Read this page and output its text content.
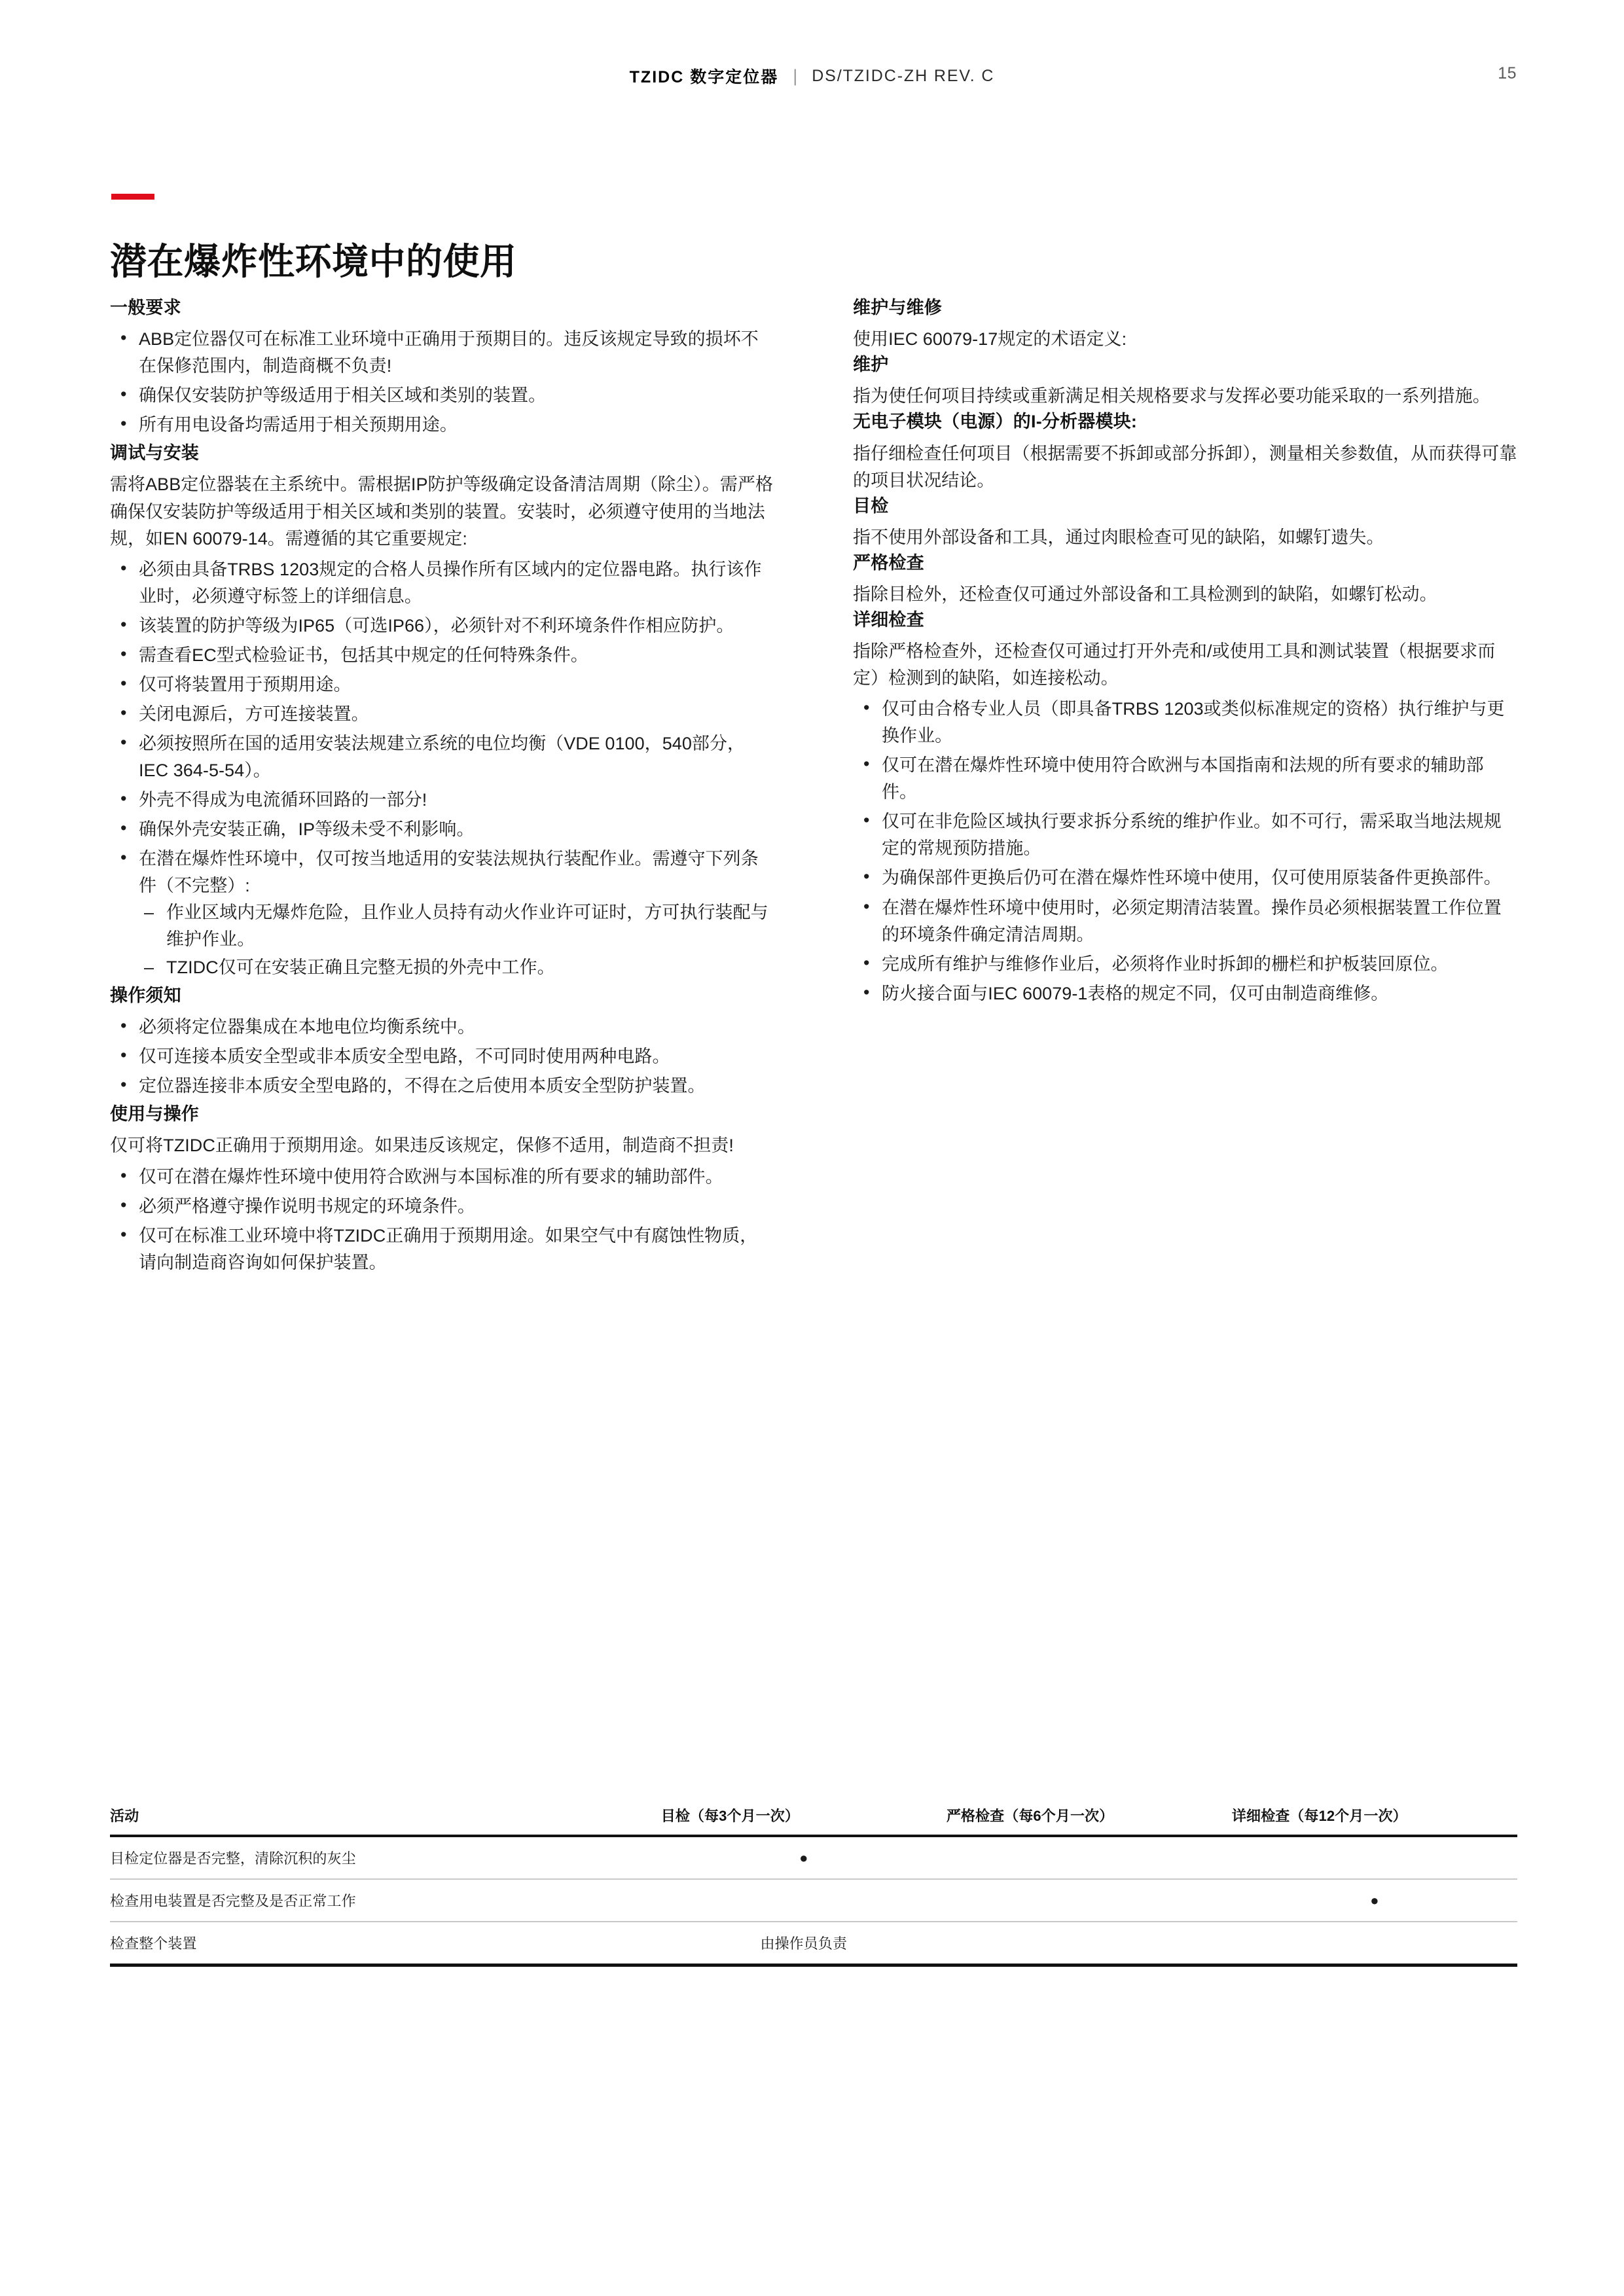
TZIDC 数字定位器 | DS/TZIDC-ZH REV. C	15
潜在爆炸性环境中的使用
一般要求
• ABB定位器仅可在标准工业环境中正确用于预期目的。违反该规定导致的损坏不在保修范围内，制造商概不负责!
• 确保仅安装防护等级适用于相关区域和类别的装置。
• 所有用电设备均需适用于相关预期用途。
调试与安装

需将ABB定位器装在主系统中。需根据IP防护等级确定设备清洁周期（除尘）。需严格确保仅安装防护等级适用于相关区域和类别的装置。安装时，必须遵守使用的当地法规，如EN 60079-14。需遵循的其它重要规定:

• 必须由具备TRBS 1203规定的合格人员操作所有区域内的定位器电路。执行该作业时，必须遵守标签上的详细信息。
• 该装置的防护等级为IP65（可选IP66），必须针对不利环境条件作相应防护。
• 需查看EC型式检验证书，包括其中规定的任何特殊条件。
• 仅可将装置用于预期用途。
• 关闭电源后，方可连接装置。
• 必须按照所在国的适用安装法规建立系统的电位均衡（VDE 0100，540部分，IEC 364-5-54）。
• 外壳不得成为电流循环回路的一部分!
• 确保外壳安装正确，IP等级未受不利影响。
• 在潜在爆炸性环境中，仅可按当地适用的安装法规执行装配作业。需遵守下列条件（不完整）:
– 作业区域内无爆炸危险，且作业人员持有动火作业许可证时，方可执行装配与维护作业。
– TZIDC仅可在安装正确且完整无损的外壳中工作。
操作须知
• 必须将定位器集成在本地电位均衡系统中。
• 仅可连接本质安全型或非本质安全型电路，不可同时使用两种电路。
• 定位器连接非本质安全型电路的，不得在之后使用本质安全型防护装置。
使用与操作

仅可将TZIDC正确用于预期用途。如果违反该规定，保修不适用，制造商不担责!

• 仅可在潜在爆炸性环境中使用符合欧洲与本国标准的所有要求的辅助部件。
• 必须严格遵守操作说明书规定的环境条件。
• 仅可在标准工业环境中将TZIDC正确用于预期用途。如果空气中有腐蚀性物质，请向制造商咨询如何保护装置。
维护与维修

使用IEC 60079-17规定的术语定义:

维护

指为使任何项目持续或重新满足相关规格要求与发挥必要功能采取的一系列措施。

无电子模块（电源）的I-分析器模块:

指仔细检查任何项目（根据需要不拆卸或部分拆卸），测量相关参数值，从而获得可靠的项目状况结论。

目检

指不使用外部设备和工具，通过肉眼检查可见的缺陷，如螺钉遗失。

严格检查

指除目检外，还检查仅可通过外部设备和工具检测到的缺陷，如螺钉松动。

详细检查

指除严格检查外，还检查仅可通过打开外壳和/或使用工具和测试装置（根据要求而定）检测到的缺陷，如连接松动。

• 仅可由合格专业人员（即具备TRBS 1203或类似标准规定的资格）执行维护与更换作业。
• 仅可在潜在爆炸性环境中使用符合欧洲与本国指南和法规的所有要求的辅助部件。
• 仅可在非危险区域执行要求拆分系统的维护作业。如不可行，需采取当地法规规定的常规预防措施。
• 为确保部件更换后仍可在潜在爆炸性环境中使用，仅可使用原装备件更换部件。
• 在潜在爆炸性环境中使用时，必须定期清洁装置。操作员必须根据装置工作位置的环境条件确定清洁周期。
• 完成所有维护与维修作业后，必须将作业时拆卸的栅栏和护板装回原位。
• 防火接合面与IEC 60079-1表格的规定不同，仅可由制造商维修。
活动	目检（每3个月一次）	严格检查（每6个月一次）	详细检查（每12个月一次）
目检定位器是否完整，清除沉积的灰尘	●		
检查用电装置是否完整及是否正常工作			●
检查整个装置	由操作员负责		
